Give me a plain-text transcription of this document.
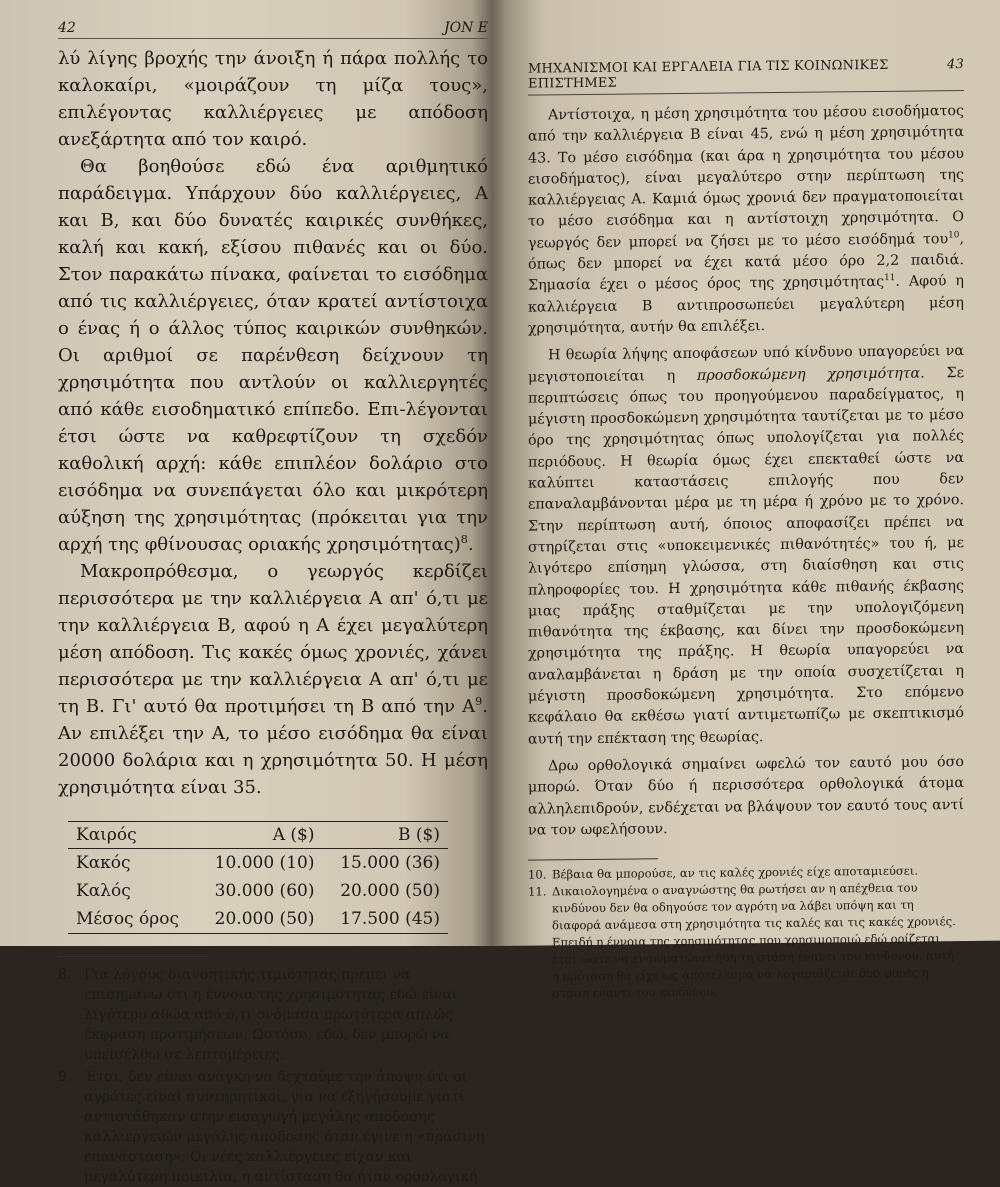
42	JON E

λύ λίγης βροχής την άνοιξη ή πάρα πολλής το καλοκαίρι, «μοιράζουν τη μίζα τους», επιλέγοντας καλλιέργειες με απόδοση ανεξάρτητα από τον καιρό.

Θα βοηθούσε εδώ ένα αριθμητικό παράδειγμα. Υπάρχουν δύο καλλιέργειες, Α και Β, και δύο δυνατές καιρικές συνθήκες, καλή και κακή, εξίσου πιθανές και οι δύο. Στον παρακάτω πίνακα, φαίνεται το εισόδημα από τις καλλιέργειες, όταν κρατεί αντίστοιχα ο ένας ή ο άλλος τύπος καιρικών συνθηκών. Οι αριθμοί σε παρένθεση δείχνουν τη χρησιμότητα που αντλούν οι καλλιεργητές από κάθε εισοδηματικό επίπεδο. Επι-λέγονται έτσι ώστε να καθρεφτίζουν τη σχεδόν καθολική αρχή: κάθε επιπλέον δολάριο στο εισόδημα να συνεπάγεται όλο και μικρότερη αύξηση της χρησιμότητας (πρόκειται για την αρχή της φθίνουσας οριακής χρησιμότητας)$^8$.

Μακροπρόθεσμα, ο γεωργός κερδίζει περισσότερα με την καλλιέργεια Α απ' ό,τι με την καλλιέργεια Β, αφού η Α έχει μεγαλύτερη μέση απόδοση. Τις κακές όμως χρονιές, χάνει περισσότερα με την καλλιέργεια Α απ' ό,τι με τη Β. Γι' αυτό θα προτιμήσει τη Β από την $A^9$. Αν επιλέξει την Α, το μέσο εισόδημα θα είναι 20000 δολάρια και η χρησιμότητα 50. Η μέση χρησιμότητα είναι 35.

Καιρός	Α ($)	Β ($)
Κακός	10.000 (10)	15.000 (36)
Καλός	30.000 (60)	20.000 (50)
Μέσος όρος	20.000 (50)	17.500 (45)
8. Για λόγους διανοητικής τιμιότητας πρέπει να επισημάνω ότι η έννοια της χρησιμότητας εδώ είναι λιγότερο αθώα από ό,τι ονόμασα πρωτύτερα απλώς έκφραση προτιμήσεων. Ωστόσο, εδώ, δεν μπορώ να υπεισέλθω σε λεπτομέρειες.
9. Έτσι, δεν είναι ανάγκη να δεχτούμε την άποψη ότι οι αγρότες είναι συντηρητικοί, για να εξηγήσουμε γιατί αντιστάθηκαν στην εισαγωγή μεγάλης απόδοσης καλλιεργειών μεγάλης απόδοσης όταν έγινε η «πράσινη επανάσταση». Οι νέες καλλιέργειες είχαν και μεγαλύτερη ποικιλία, η αντίσταση θα ήταν ορθολογική.
ΜΗΧΑΝΙΣΜΟΙ ΚΑΙ ΕΡΓΑΛΕΙΑ ΓΙΑ ΤΙΣ ΚΟΙΝΩΝΙΚΕΣ ΕΠΙΣΤΗΜΕΣ
43

Αντίστοιχα, η μέση χρησιμότητα του μέσου εισοδήματος από την καλλιέργεια Β είναι 45, ενώ η μέση χρησιμότητα 43. Το μέσο εισόδημα (και άρα η χρησιμότητα του μέσου εισοδήματος), είναι μεγαλύτερο στην περίπτωση της καλλιέργειας Α. Καμιά όμως χρονιά δεν πραγματοποιείται το μέσο εισόδημα και η αντίστοιχη χρησιμότητα. Ο γεωργός δεν μπορεί να ζήσει με το μέσο εισόδημά του$^{10}$, όπως δεν μπορεί να έχει κατά μέσο όρο 2,2 παιδιά. Σημασία έχει ο μέσος όρος της χρησιμότητας$^{11}$. Αφού η καλλιέργεια Β αντιπροσωπεύει μεγαλύτερη μέση χρησιμότητα, αυτήν θα επιλέξει.

Η θεωρία λήψης αποφάσεων υπό κίνδυνο υπαγορεύει να μεγιστοποιείται η προσδοκώμενη χρησιμότητα. Σε περιπτώσεις όπως του προηγούμενου παραδείγματος, η μέγιστη προσδοκώμενη χρησιμότητα ταυτίζεται με το μέσο όρο της χρησιμότητας όπως υπολογίζεται για πολλές περιόδους. Η θεωρία όμως έχει επεκταθεί ώστε να καλύπτει καταστάσεις επιλογής που δεν επαναλαμβάνονται μέρα με τη μέρα ή χρόνο με το χρόνο. Στην περίπτωση αυτή, όποιος αποφασίζει πρέπει να στηρίζεται στις «υποκειμενικές πιθανότητές» του ή, με λιγότερο επίσημη γλώσσα, στη διαίσθηση και στις πληροφορίες του. Η χρησιμότητα κάθε πιθανής έκβασης μιας πράξης σταθμίζεται με την υπολογιζόμενη πιθανότητα της έκβασης, και δίνει την προσδοκώμενη χρησιμότητα της πράξης. Η θεωρία υπαγορεύει να αναλαμβάνεται η δράση με την οποία συσχετίζεται η μέγιστη προσδοκώμενη χρησιμότητα. Στο επόμενο κεφάλαιο θα εκθέσω γιατί αντιμετωπίζω με σκεπτικισμό αυτή την επέκταση της θεωρίας.

Δρω ορθολογικά σημαίνει ωφελώ τον εαυτό μου όσο μπορώ. Όταν δύο ή περισσότερα ορθολογικά άτομα αλληλεπιδρούν, ενδέχεται να βλάψουν τον εαυτό τους αντί να τον ωφελήσουν.

10. Βέβαια θα μπορούσε, αν τις καλές χρονιές είχε αποταμιεύσει.
11. Δικαιολογημένα ο αναγνώστης θα ρωτήσει αν η απέχθεια του κινδύνου δεν θα οδηγούσε τον αγρότη να λάβει υπόψη και τη διαφορά ανάμεσα στη χρησιμότητα τις καλές και τις κακές χρονιές. Επειδή η έννοια της χρησιμότητας που χρησιμοποιώ εδώ ορίζεται έτσι ώστε να ενσωματώνει ήδη τη στάση έναντι του κινδύνου, αυτή η πρόταση θα είχε ως αποτέλεσμα να λογαριάζεται δυο φορές η στάση έναντι του κινδύνου.
